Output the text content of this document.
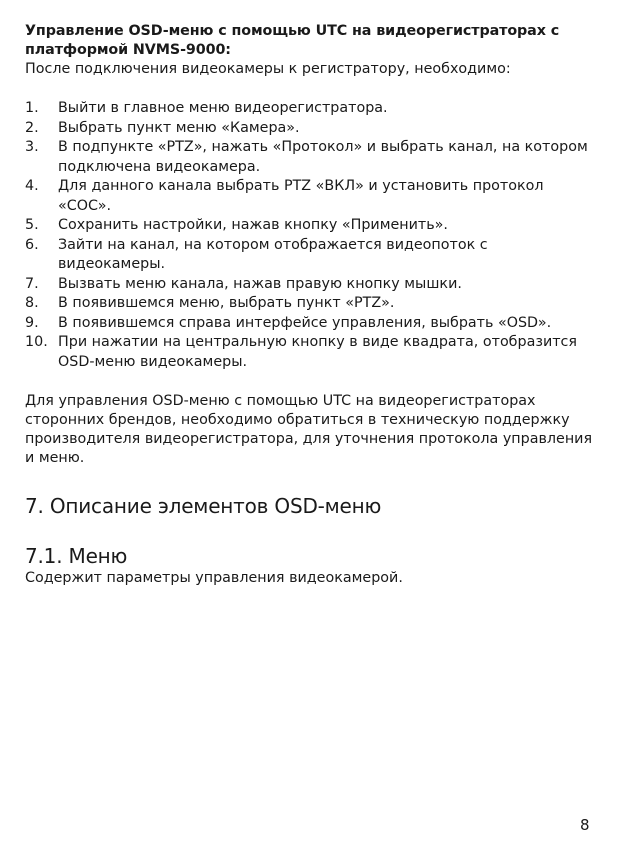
Управление OSD-меню с помощью UTC на видеорегистраторах с платформой NVMS-9000:

После подключения видеокамеры к регистратору, необходимо:

1.	Выйти в главное меню видеорегистратора.
2.	Выбрать пункт меню «Камера».
3.	В подпункте «PTZ», нажать «Протокол» и выбрать канал, на котором подключена видеокамера.
4.	Для данного канала выбрать PTZ «ВКЛ» и установить протокол «COC».
5.	Сохранить настройки, нажав кнопку «Применить».
6.	Зайти на канал, на котором отображается видеопоток с видеокамеры.
7.	Вызвать меню канала, нажав правую кнопку мышки.
8.	В появившемся меню, выбрать пункт «PTZ».
9.	В появившемся справа интерфейсе управления, выбрать «OSD».
10. При нажатии на центральную кнопку в виде квадрата, отобразится OSD-меню видеокамеры.

Для управления OSD-меню с помощью UTC на видеорегистраторах сторонних брендов, необходимо обратиться в техническую поддержку производителя видеорегистратора, для уточнения протокола управления и меню.

7. Описание элементов OSD-меню
7.1. Меню

Содержит параметры управления видеокамерой.

8
